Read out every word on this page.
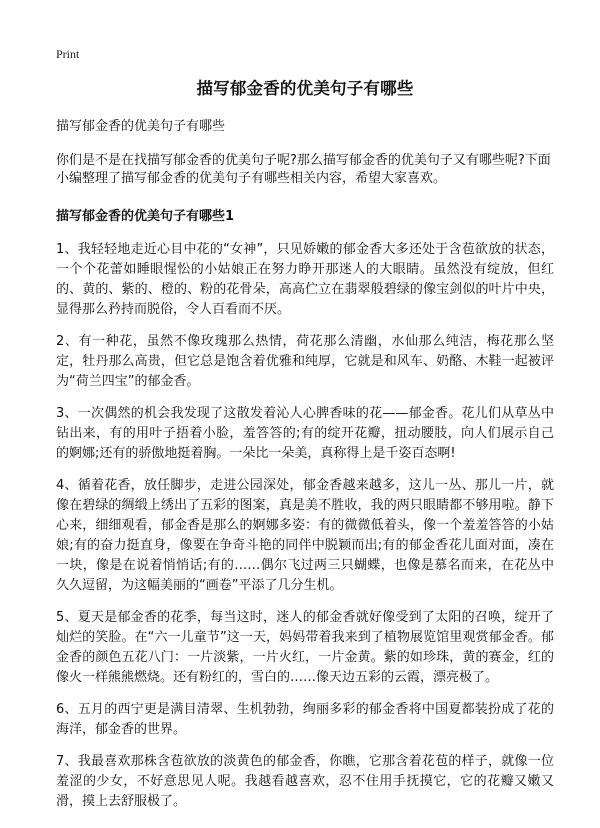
Print
描写郁金香的优美句子有哪些

描写郁金香的优美句子有哪些

你们是不是在找描写郁金香的优美句子呢?那么描写郁金香的优美句子又有哪些呢?下面小编整理了描写郁金香的优美句子有哪些相关内容，希望大家喜欢。

描写郁金香的优美句子有哪些1

1、我轻轻地走近心目中花的“女神”，只见娇嫩的郁金香大多还处于含苞欲放的状态，一个个花蕾如睡眼惺忪的小姑娘正在努力睁开那迷人的大眼睛。虽然没有绽放，但红的、黄的、紫的、橙的、粉的花骨朵，高高伫立在翡翠般碧绿的像宝剑似的叶片中央，显得那么矜持而脱俗，令人百看而不厌。

2、有一种花，虽然不像玫瑰那么热情，荷花那么清幽，水仙那么纯洁，梅花那么坚定，牡丹那么高贵，但它总是饱含着优雅和纯厚，它就是和风车、奶酪、木鞋一起被评为“荷兰四宝”的郁金香。

3、一次偶然的机会我发现了这散发着沁人心脾香味的花——郁金香。花儿们从草丛中钻出来，有的用叶子捂着小脸，羞答答的;有的绽开花瓣，扭动腰肢，向人们展示自己的婀娜;还有的骄傲地挺着胸。一朵比一朵美，真称得上是千姿百态啊!

4、循着花香，放任脚步，走进公园深处，郁金香越来越多，这儿一丛、那儿一片，就像在碧绿的绸缎上绣出了五彩的图案，真是美不胜收，我的两只眼睛都不够用啦。静下心来，细细观看，郁金香是那么的婀娜多姿：有的微微低着头，像一个羞羞答答的小姑娘;有的奋力挺直身，像要在争奇斗艳的同伴中脱颖而出;有的郁金香花儿面对面，凑在一块，像是在说着悄悄话;有的……偶尔飞过两三只蝴蝶，也像是慕名而来，在花丛中久久逗留，为这幅美丽的“画卷”平添了几分生机。

5、夏天是郁金香的花季，每当这时，迷人的郁金香就好像受到了太阳的召唤，绽开了灿烂的笑脸。在“六一儿童节”这一天，妈妈带着我来到了植物展览馆里观赏郁金香。郁金香的颜色五花八门：一片淡紫，一片火红，一片金黄。紫的如珍珠，黄的赛金，红的像火一样熊熊燃烧。还有粉红的，雪白的……像天边五彩的云霞，漂亮极了。

6、五月的西宁更是满目清翠、生机勃勃，绚丽多彩的郁金香将中国夏都装扮成了花的海洋，郁金香的世界。

7、我最喜欢那株含苞欲放的淡黄色的郁金香，你瞧，它那含着花苞的样子，就像一位羞涩的少女，不好意思见人呢。我越看越喜欢，忍不住用手抚摸它，它的花瓣又嫩又滑，摸上去舒服极了。
